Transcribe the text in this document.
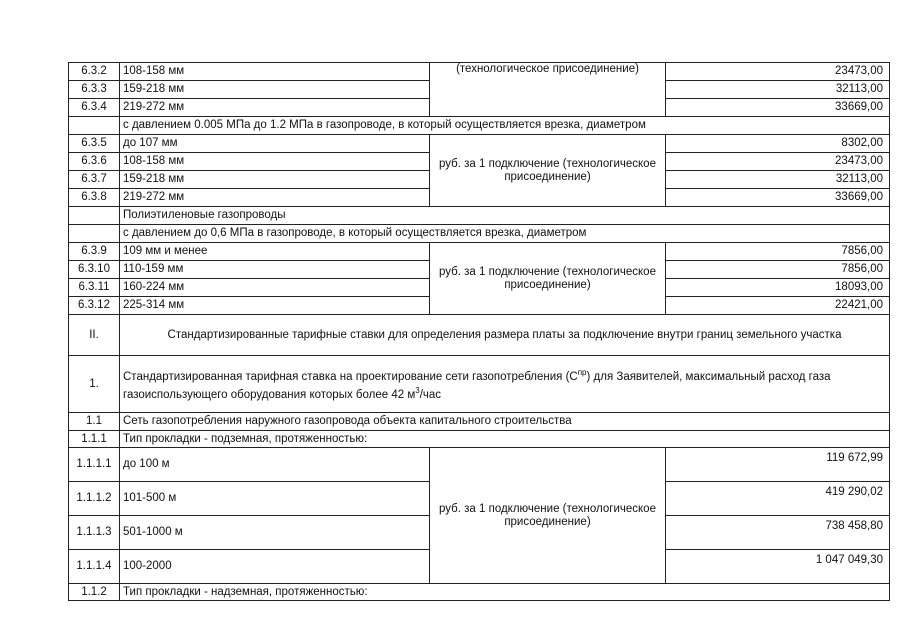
6.3.2	108-158 мм	(технологическое присоединение)	23473,00
6.3.3	159-218 мм		32113,00
6.3.4	219-272 мм		33669,00
	с давлением 0.005 МПа до 1.2 МПа в газопроводе, в который осуществляется врезка, диаметром		
6.3.5	до 107 мм	руб. за 1 подключение (технологическое присоединение)	8302,00
6.3.6	108-158 мм		23473,00
6.3.7	159-218 мм		32113,00
6.3.8	219-272 мм		33669,00
	Полиэтиленовые газопроводы		
	с давлением до 0,6 МПа в газопроводе, в который осуществляется врезка, диаметром		
6.3.9	109 мм и менее	руб. за 1 подключение (технологическое присоединение)	7856,00
6.3.10	110-159 мм		7856,00
6.3.11	160-224 мм		18093,00
6.3.12	225-314 мм		22421,00
II.	Стандартизированные тарифные ставки для определения размера платы за подключение внутри границ земельного участка		
1.	Стандартизированная тарифная ставка на проектирование сети газопотребления $(С^{пр})$ для Заявителей, максимальный расход газа газоиспользующего оборудования которых более 42 $м^3$/час		
1.1	Сеть газопотребления наружного газопровода объекта капитального строительства		
1.1.1	Тип прокладки - подземная, протяженностью:		
1.1.1.1	до 100 м	руб. за 1 подключение (технологическое присоединение)	119 672,99
1.1.1.2	101-500 м		419 290,02
1.1.1.3	501-1000 м		738 458,80
1.1.1.4	100-2000		1 047 049,30
1.1.2	Тип прокладки - надземная, протяженностью:		
